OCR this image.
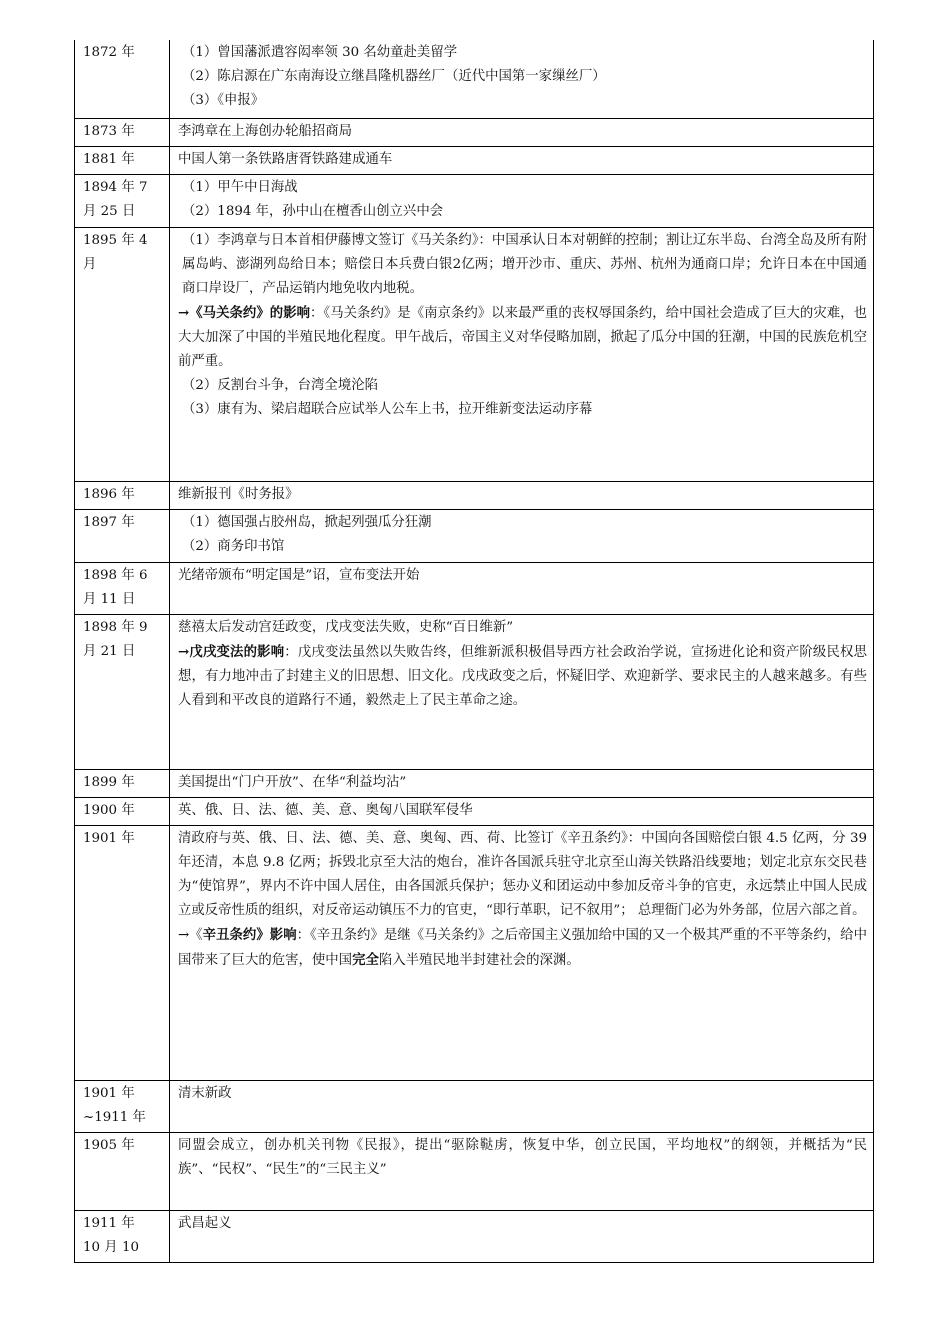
1872 年	（1）曾国藩派遣容闳率领 30 名幼童赴美留学
（2）陈启源在广东南海设立继昌隆机器丝厂（近代中国第一家缫丝厂）
（3）《申报》

1873 年	李鸿章在上海创办轮船招商局

1881 年	中国人第一条铁路唐胥铁路建成通车

1894 年 7
月 25 日	（1）甲午中日海战
（2）1894 年，孙中山在檀香山创立兴中会

1895 年 4
月	（1）李鸿章与日本首相伊藤博文签订《马关条约》：中国承认日本对朝鲜的控制；割让辽东半岛、台湾全岛及所有附属岛屿、澎湖列岛给日本；赔偿日本兵费白银2亿两；增开沙市、重庆、苏州、杭州为通商口岸；允许日本在中国通商口岸设厂，产品运销内地免收内地税。
→《马关条约》的影响：《马关条约》是《南京条约》以来最严重的丧权辱国条约，给中国社会造成了巨大的灾难，也大大加深了中国的半殖民地化程度。甲午战后，帝国主义对华侵略加剧，掀起了瓜分中国的狂潮，中国的民族危机空前严重。
（2）反割台斗争，台湾全境沦陷
（3）康有为、梁启超联合应试举人公车上书，拉开维新变法运动序幕

1896 年	维新报刊《时务报》

1897 年	（1）德国强占胶州岛，掀起列强瓜分狂潮
（2）商务印书馆

1898 年 6
月 11 日	光绪帝颁布“明定国是”诏，宣布变法开始

1898 年 9
月 21 日	慈禧太后发动宫廷政变，戊戌变法失败，史称“百日维新”
→戊戌变法的影响：戊戌变法虽然以失败告终，但维新派积极倡导西方社会政治学说，宣扬进化论和资产阶级民权思想，有力地冲击了封建主义的旧思想、旧文化。戊戌政变之后，怀疑旧学、欢迎新学、要求民主的人越来越多。有些人看到和平改良的道路行不通，毅然走上了民主革命之途。

1899 年	美国提出“门户开放”、在华“利益均沾”

1900 年	英、俄、日、法、德、美、意、奥匈八国联军侵华

1901 年	清政府与英、俄、日、法、德、美、意、奥匈、西、荷、比签订《辛丑条约》：中国向各国赔偿白银 4.5 亿两，分 39 年还清，本息 9.8 亿两；拆毁北京至大沽的炮台，准许各国派兵驻守北京至山海关铁路沿线要地；划定北京东交民巷为“使馆界”，界内不许中国人居住，由各国派兵保护；惩办义和团运动中参加反帝斗争的官吏，永远禁止中国人民成立或反帝性质的组织，对反帝运动镇压不力的官吏，“即行革职，记不叙用”； 总理衙门必为外务部，位居六部之首。
→《辛丑条约》影响：《辛丑条约》是继《马关条约》之后帝国主义强加给中国的又一个极其严重的不平等条约，给中国带来了巨大的危害，使中国完全陷入半殖民地半封建社会的深渊。

1901 年
~1911 年	清末新政

1905 年	同盟会成立，创办机关刊物《民报》，提出“驱除鞑虏，恢复中华，创立民国，平均地权”的纲领，并概括为“民族”、“民权”、“民生”的“三民主义”

1911 年
10 月 10	武昌起义
